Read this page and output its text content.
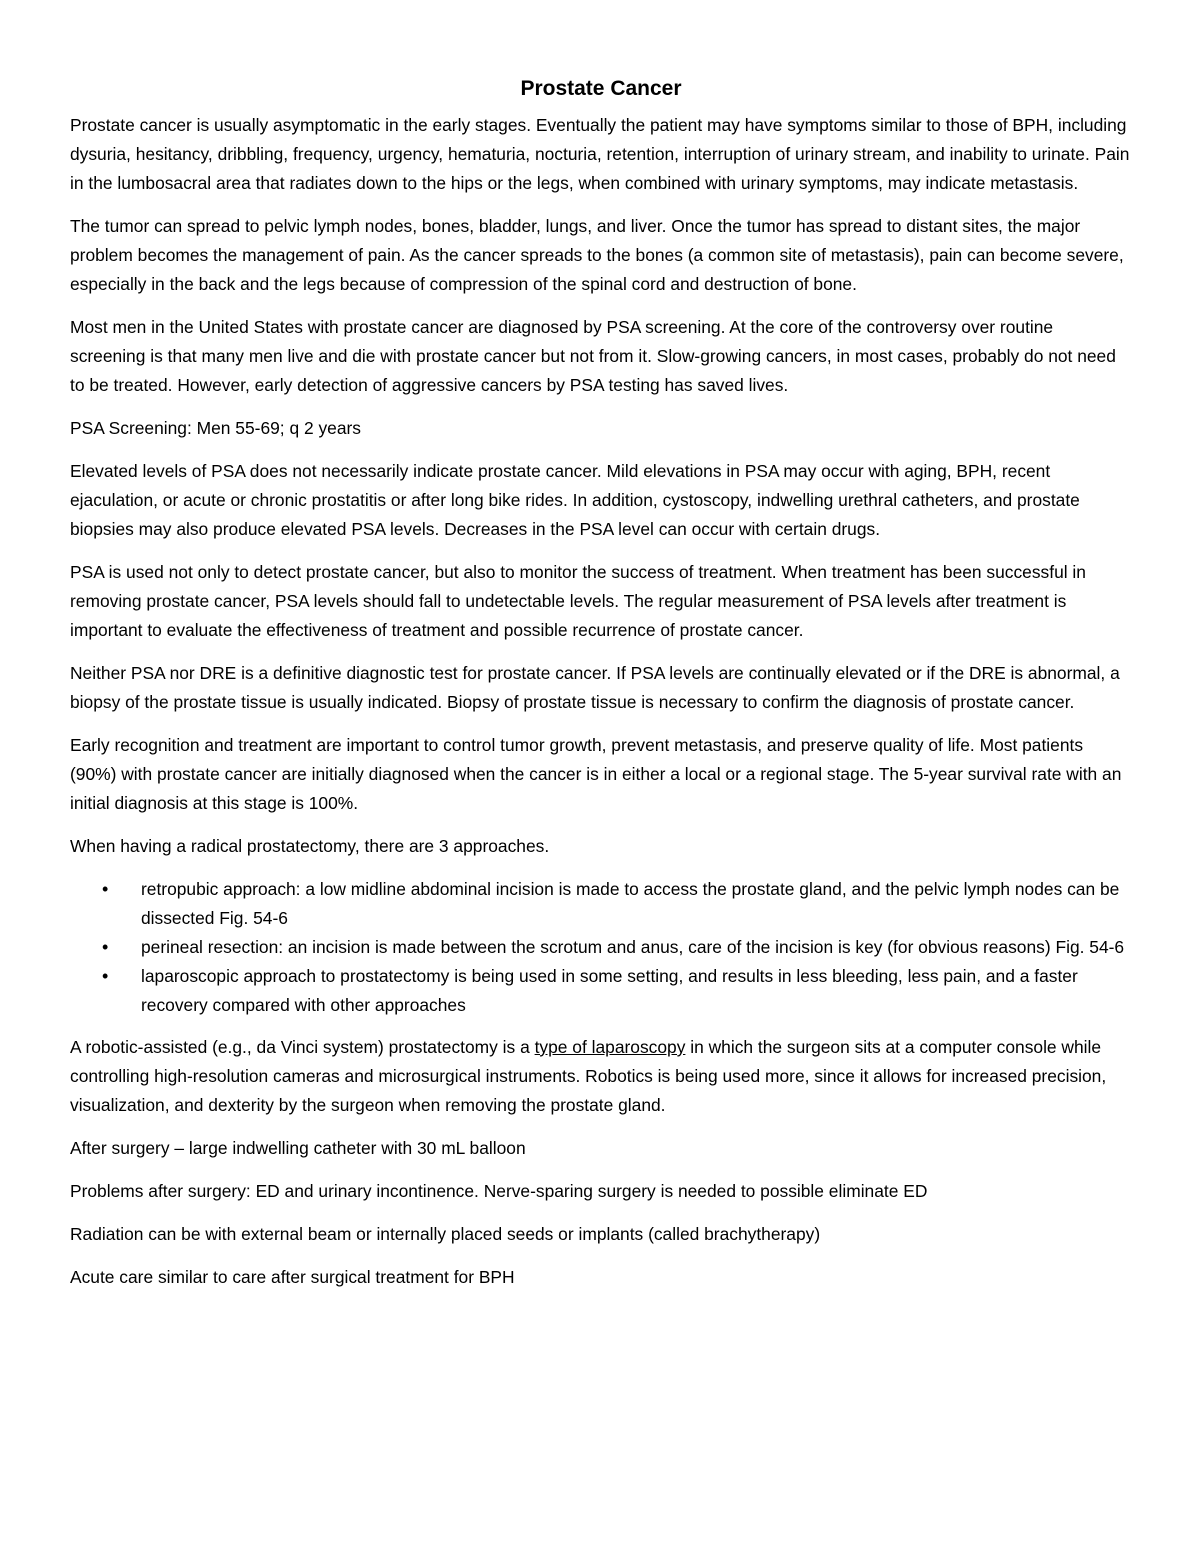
Prostate Cancer

Prostate cancer is usually asymptomatic in the early stages. Eventually the patient may have symptoms similar to those of BPH, including dysuria, hesitancy, dribbling, frequency, urgency, hematuria, nocturia, retention, interruption of urinary stream, and inability to urinate. Pain in the lumbosacral area that radiates down to the hips or the legs, when combined with urinary symptoms, may indicate metastasis.

The tumor can spread to pelvic lymph nodes, bones, bladder, lungs, and liver. Once the tumor has spread to distant sites, the major problem becomes the management of pain. As the cancer spreads to the bones (a common site of metastasis), pain can become severe, especially in the back and the legs because of compression of the spinal cord and destruction of bone.

Most men in the United States with prostate cancer are diagnosed by PSA screening. At the core of the controversy over routine screening is that many men live and die with prostate cancer but not from it. Slow-growing cancers, in most cases, probably do not need to be treated. However, early detection of aggressive cancers by PSA testing has saved lives.

PSA Screening: Men 55-69; q 2 years

Elevated levels of PSA does not necessarily indicate prostate cancer. Mild elevations in PSA may occur with aging, BPH, recent ejaculation, or acute or chronic prostatitis or after long bike rides. In addition, cystoscopy, indwelling urethral catheters, and prostate biopsies may also produce elevated PSA levels. Decreases in the PSA level can occur with certain drugs.

PSA is used not only to detect prostate cancer, but also to monitor the success of treatment. When treatment has been successful in removing prostate cancer, PSA levels should fall to undetectable levels. The regular measurement of PSA levels after treatment is important to evaluate the effectiveness of treatment and possible recurrence of prostate cancer.

Neither PSA nor DRE is a definitive diagnostic test for prostate cancer. If PSA levels are continually elevated or if the DRE is abnormal, a biopsy of the prostate tissue is usually indicated. Biopsy of prostate tissue is necessary to confirm the diagnosis of prostate cancer.

Early recognition and treatment are important to control tumor growth, prevent metastasis, and preserve quality of life. Most patients (90%) with prostate cancer are initially diagnosed when the cancer is in either a local or a regional stage. The 5-year survival rate with an initial diagnosis at this stage is 100%.

When having a radical prostatectomy, there are 3 approaches.

• retropubic approach: a low midline abdominal incision is made to access the prostate gland, and the pelvic lymph nodes can be dissected Fig. 54-6
• perineal resection: an incision is made between the scrotum and anus, care of the incision is key (for obvious reasons) Fig. 54-6
• laparoscopic approach to prostatectomy is being used in some setting, and results in less bleeding, less pain, and a faster recovery compared with other approaches

A robotic-assisted (e.g., da Vinci system) prostatectomy is a type of laparoscopy in which the surgeon sits at a computer console while controlling high-resolution cameras and microsurgical instruments. Robotics is being used more, since it allows for increased precision, visualization, and dexterity by the surgeon when removing the prostate gland.

After surgery – large indwelling catheter with 30 mL balloon

Problems after surgery: ED and urinary incontinence. Nerve-sparing surgery is needed to possible eliminate ED

Radiation can be with external beam or internally placed seeds or implants (called brachytherapy)

Acute care similar to care after surgical treatment for BPH
